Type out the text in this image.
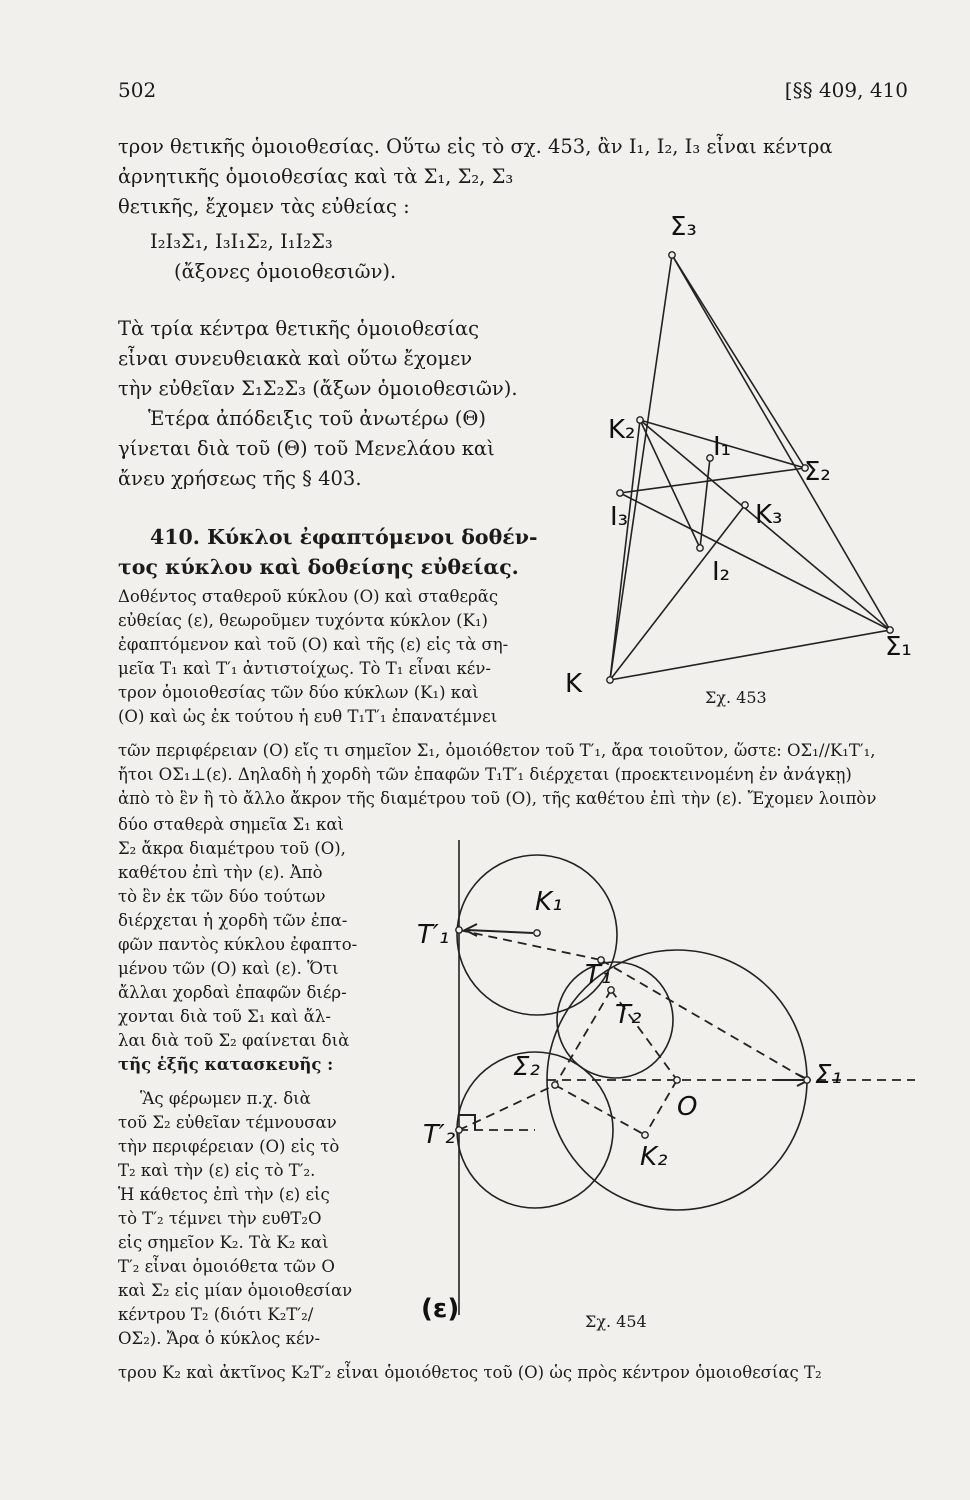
502	[§§ 409, 410
τρον θετικῆς ὁμοιοθεσίας. Οὕτω εἰς τὸ σχ. 453, ἂν I₁, I₂, I₃ εἶναι κέντρα
ἀρνητικῆς ὁμοιοθεσίας καὶ τὰ Σ₁, Σ₂, Σ₃
θετικῆς, ἔχομεν τὰς εὐθείας :
I₂I₃Σ₁, I₃I₁Σ₂, I₁I₂Σ₃
(ἄξονες ὁμοιοθεσιῶν).
Τὰ τρία κέντρα θετικῆς ὁμοιοθεσίας
εἶναι συνευθειακὰ καὶ οὕτω ἔχομεν
τὴν εὐθεῖαν Σ₁Σ₂Σ₃ (ἄξων ὁμοιοθεσιῶν).
Ἑτέρα ἀπόδειξις τοῦ ἀνωτέρω (Θ)
γίνεται διὰ τοῦ (Θ) τοῦ Μενελάου καὶ
ἄνευ χρήσεως τῆς § 403.
410. Κύκλοι ἐφαπτόμενοι δοθέν-
τος κύκλου καὶ δοθείσης εὐθείας.
Δοθέντος σταθεροῦ κύκλου (Ο) καὶ σταθερᾶς
εὐθείας (ε), θεωροῦμεν τυχόντα κύκλον (K₁)
ἐφαπτόμενον καὶ τοῦ (Ο) καὶ τῆς (ε) εἰς τὰ ση-
μεῖα T₁ καὶ T′₁ ἀντιστοίχως. Τὸ T₁ εἶναι κέν-
τρον ὁμοιοθεσίας τῶν δύο κύκλων (K₁) καὶ
(Ο) καὶ ὡς ἐκ τούτου ἡ ευθ T₁T′₁ ἐπανατέμνει
τῶν περιφέρειαν (Ο) εἴς τι σημεῖον Σ₁, ὁμοιόθετον τοῦ T′₁, ἄρα τοιοῦτον, ὥστε: ΟΣ₁//K₁T′₁,
ἤτοι ΟΣ₁⊥(ε). Δηλαδὴ ἡ χορδὴ τῶν ἐπαφῶν T₁T′₁ διέρχεται (προεκτεινομένη ἐν ἀνάγκῃ)
ἀπὸ τὸ ἓν ἢ τὸ ἄλλο ἄκρον τῆς διαμέτρου τοῦ (Ο), τῆς καθέτου ἐπὶ τὴν (ε). Ἔχομεν λοιπὸν
δύο σταθερὰ σημεῖα Σ₁ καὶ
Σ₂ ἄκρα διαμέτρου τοῦ (Ο),
καθέτου ἐπὶ τὴν (ε). Ἀπὸ
τὸ ἓν ἐκ τῶν δύο τούτων
διέρχεται ἡ χορδὴ τῶν ἐπα-
φῶν παντὸς κύκλου ἐφαπτο-
μένου τῶν (Ο) καὶ (ε). Ὅτι
ἄλλαι χορδαὶ ἐπαφῶν διέρ-
χονται διὰ τοῦ Σ₁ καὶ ἄλ-
λαι διὰ τοῦ Σ₂ φαίνεται διὰ
τῆς ἑξῆς κατασκευῆς :
Ἃς φέρωμεν π.χ. διὰ
τοῦ Σ₂ εὐθεῖαν τέμνουσαν
τὴν περιφέρειαν (Ο) εἰς τὸ
T₂ καὶ τὴν (ε) εἰς τὸ T′₂.
Ἡ κάθετος ἐπὶ τὴν (ε) εἰς
τὸ T′₂ τέμνει τὴν ευθT₂Ο
εἰς σημεῖον K₂. Τὰ K₂ καὶ
T′₂ εἶναι ὁμοιόθετα τῶν Ο
καὶ Σ₂ εἰς μίαν ὁμοιοθεσίαν
κέντρου T₂ (διότι K₂T′₂/
ΟΣ₂). Ἄρα ὁ κύκλος κέν-
τρου K₂ καὶ ἀκτῖνος K₂T′₂ εἶναι ὁμοιόθετος τοῦ (Ο) ὡς πρὸς κέντρον ὁμοιοθεσίας T₂
Σ₃
K₂
I₁
Σ₂
I₃	K₃
I₂
Σ₁
K	Σχ. 453
T′₁
K₁
T₁
T₂
Σ₂
O
Σ₁
T′₂
K₂
(ε)	Σχ. 454
